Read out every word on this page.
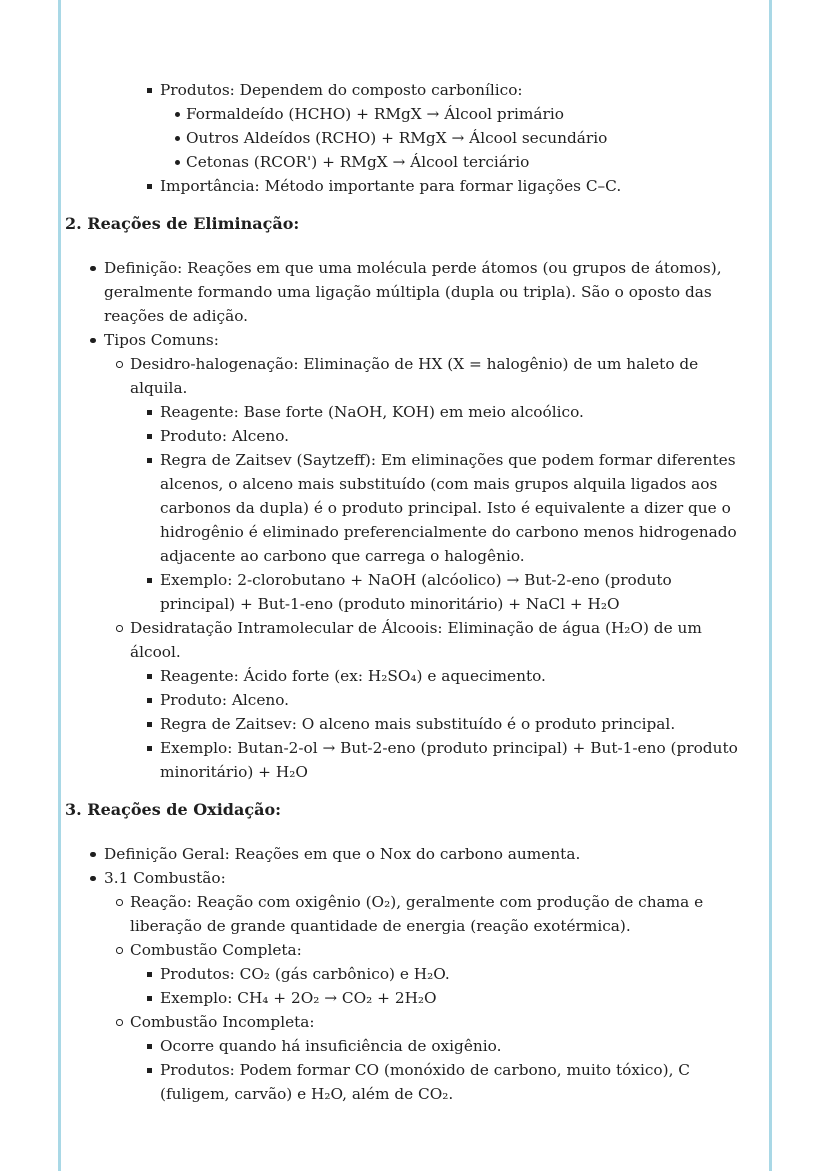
Produtos: Dependem do composto carbonílico:
Formaldeído (HCHO) + RMgX → Álcool primário
Outros Aldeídos (RCHO) + RMgX → Álcool secundário
Cetonas (RCOR') + RMgX → Álcool terciário
Importância: Método importante para formar ligações C–C.
2. Reações de Eliminação:
Definição: Reações em que uma molécula perde átomos (ou grupos de átomos), geralmente formando uma ligação múltipla (dupla ou tripla). São o oposto das reações de adição.
Tipos Comuns:
Desidro-halogenação: Eliminação de HX (X = halogênio) de um haleto de alquila.
Reagente: Base forte (NaOH, KOH) em meio alcoólico.
Produto: Alceno.
Regra de Zaitsev (Saytzeff): Em eliminações que podem formar diferentes alcenos, o alceno mais substituído (com mais grupos alquila ligados aos carbonos da dupla) é o produto principal. Isto é equivalente a dizer que o hidrogênio é eliminado preferencialmente do carbono menos hidrogenado adjacente ao carbono que carrega o halogênio.
Exemplo: 2-clorobutano + NaOH (alcóolico) → But-2-eno (produto principal) + But-1-eno (produto minoritário) + NaCl + H₂O
Desidratação Intramolecular de Álcoois: Eliminação de água (H₂O) de um álcool.
Reagente: Ácido forte (ex: H₂SO₄) e aquecimento.
Produto: Alceno.
Regra de Zaitsev: O alceno mais substituído é o produto principal.
Exemplo: Butan-2-ol → But-2-eno (produto principal) + But-1-eno (produto minoritário) + H₂O
3. Reações de Oxidação:
Definição Geral: Reações em que o Nox do carbono aumenta.
3.1 Combustão:
Reação: Reação com oxigênio (O₂), geralmente com produção de chama e liberação de grande quantidade de energia (reação exotérmica).
Combustão Completa:
Produtos: CO₂ (gás carbônico) e H₂O.
Exemplo: CH₄ + 2O₂ → CO₂ + 2H₂O
Combustão Incompleta:
Ocorre quando há insuficiência de oxigênio.
Produtos: Podem formar CO (monóxido de carbono, muito tóxico), C (fuligem, carvão) e H₂O, além de CO₂.
